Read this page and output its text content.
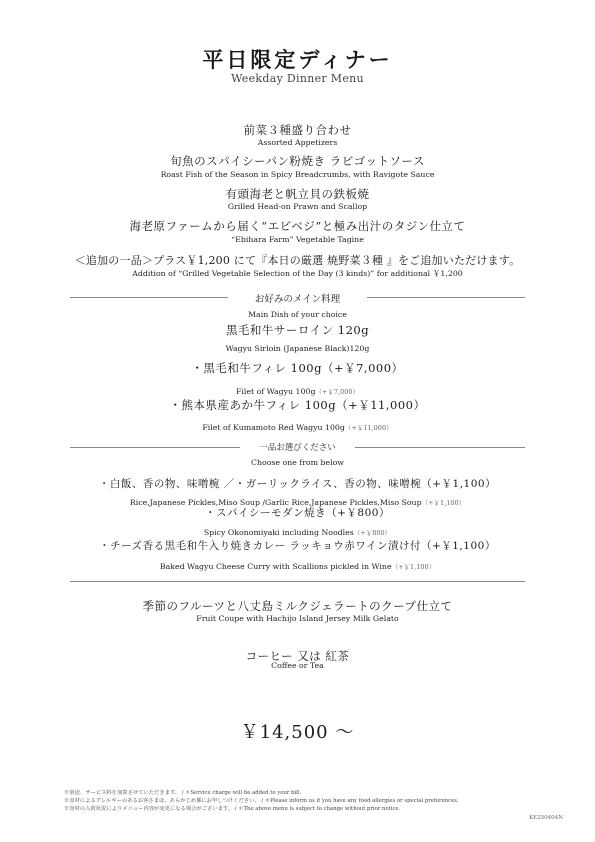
平日限定ディナー
Weekday Dinner Menu
前菜３種盛り合わせ
Assorted Appetizers
旬魚のスパイシーパン粉焼き ラビゴットソース
Roast Fish of the Season in Spicy Breadcrumbs, with Ravigote Sauce
有頭海老と帆立貝の鉄板焼
Grilled Head-on Prawn and Scallop
海老原ファームから届く“エビベジ”と極み出汁のタジン仕立て
“Ebihara Farm” Vegetable Tagine
＜追加の一品＞プラス￥1,200 にて『本日の厳選 焼野菜３種 』をご追加いただけます。
Addition of “Grilled Vegetable Selection of the Day (3 kinds)” for additional ￥1,200
お好みのメイン料理
Main Dish of your choice
黒毛和牛サーロイン 120g
Wagyu Sirloin (Japanese Black)120g
・黒毛和牛フィレ 100g（+￥7,000）
Filet of Wagyu 100g（+￥7,000）
・熊本県産あか牛フィレ 100g（+￥11,000）
Filet of Kumamoto Red Wagyu 100g（+￥11,000）
一品お選びください
Choose one from below
・白飯、香の物、味噌椀 ／・ガーリックライス、香の物、味噌椀（+￥1,100）
Rice,Japanese Pickles,Miso Soup /Garlic Rice,Japanese Pickles,Miso Soup（+￥1,100）
・スパイシーモダン焼き（+￥800）
Spicy Okonomiyaki including Noodles（+￥800）
・チーズ香る黒毛和牛入り焼きカレー ラッキョウ赤ワイン漬け付（+￥1,100）
Baked Wagyu Cheese Curry with Scallions pickled in Wine（+￥1,100）
季節のフルーツと八丈島ミルクジェラートのクープ仕立て
Fruit Coupe with Hachijo Island Jersey Milk Gelato
コーヒー 又は 紅茶
Coffee or Tea
￥14,500 ～
※別途、サービス料を加算させていただきます。 / ＊Service charge will be added to your bill.
※食材によるアレルギーのあるお客さまは、あらかじめ係にお申しつけください。 / ＊Please inform us if you have any food allergies or special preferences.
※食材の入荷状況によりメニュー内容が変更になる場合がございます。 / ＊The above menu is subject to change without prior notice.
KE250404N
